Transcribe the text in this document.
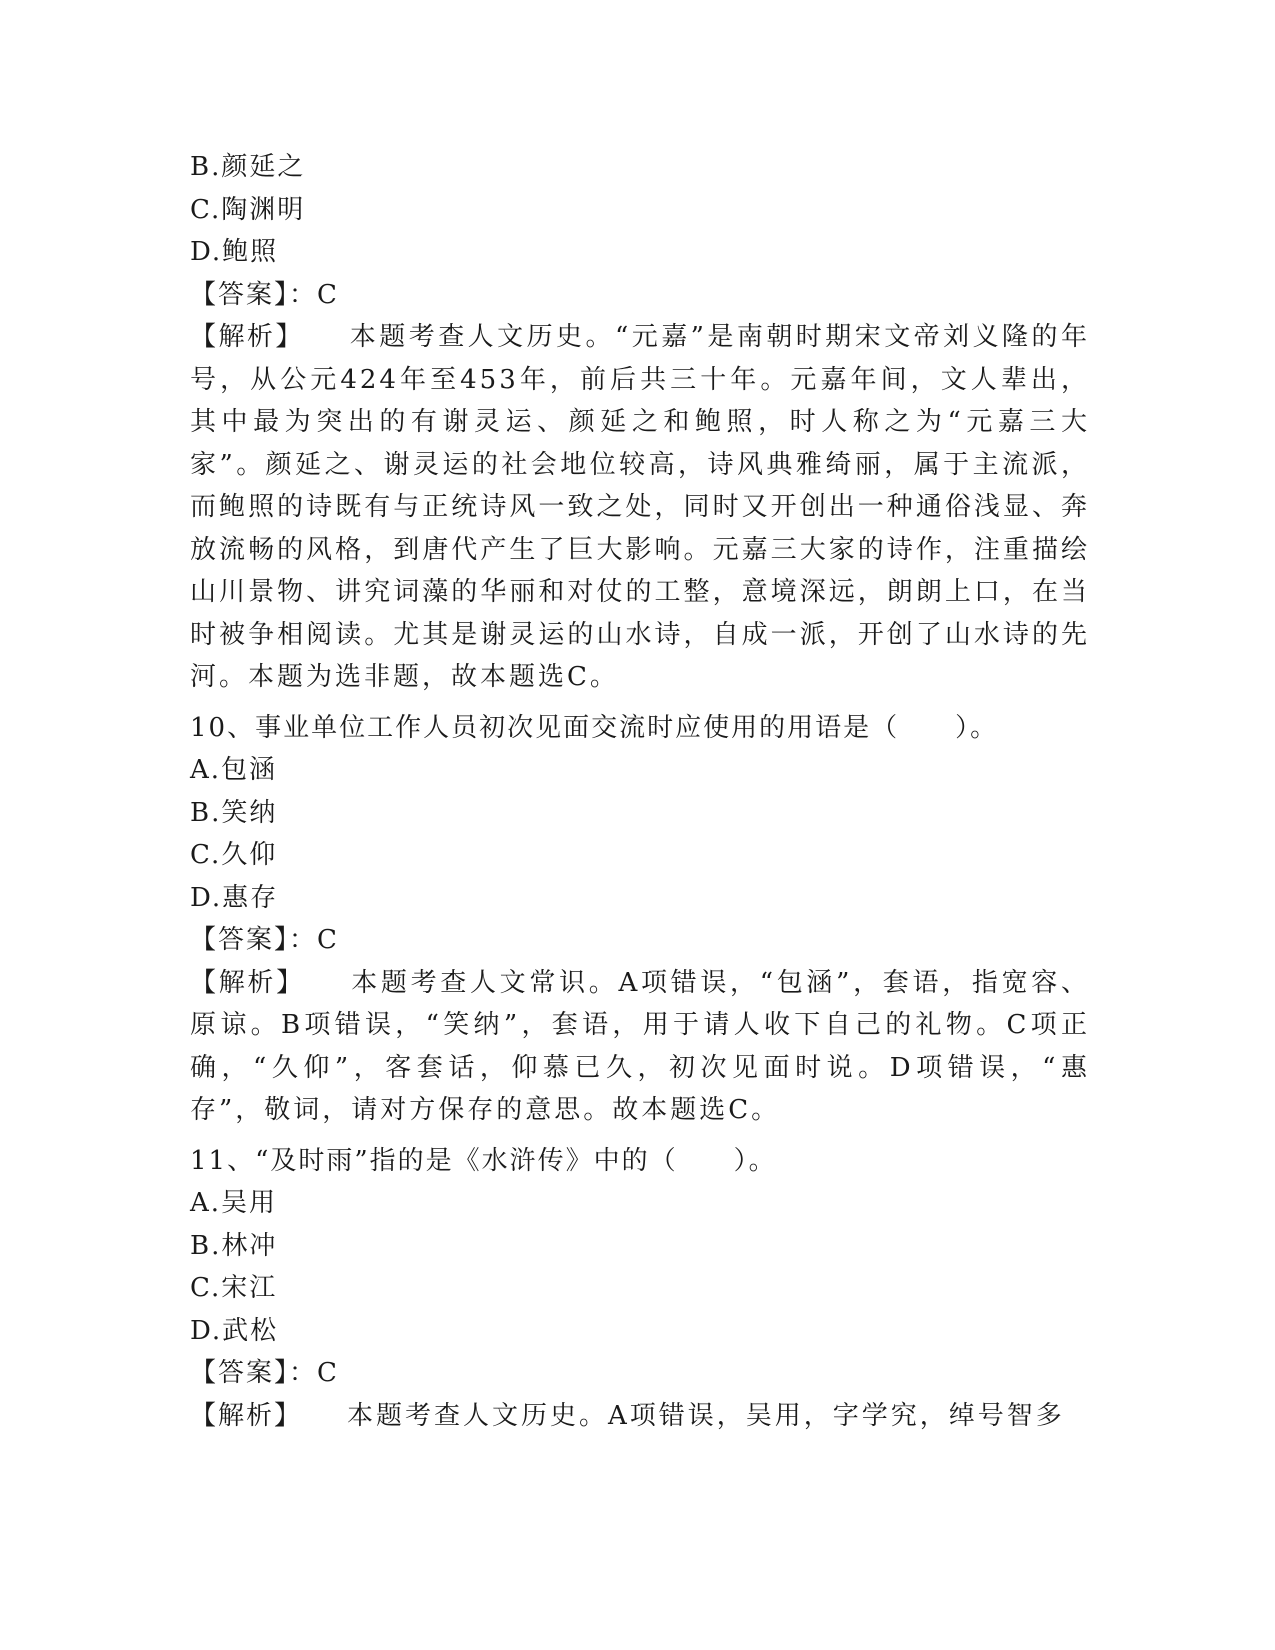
B.颜延之
C.陶渊明
D.鲍照
【答案】：C
【解析】　　 本题考查人文历史。“元嘉”是南朝时期宋文帝刘义隆的年号，从公元424年至453年，前后共三十年。元嘉年间，文人辈出，其中最为突出的有谢灵运、颜延之和鲍照，时人称之为“元嘉三大家”。颜延之、谢灵运的社会地位较高，诗风典雅绮丽，属于主流派，而鲍照的诗既有与正统诗风一致之处，同时又开创出一种通俗浅显、奔放流畅的风格，到唐代产生了巨大影响。元嘉三大家的诗作，注重描绘山川景物、讲究词藻的华丽和对仗的工整，意境深远，朗朗上口，在当时被争相阅读。尤其是谢灵运的山水诗，自成一派，开创了山水诗的先河。本题为选非题，故本题选C。
10、事业单位工作人员初次见面交流时应使用的用语是（　　）。
A.包涵
B.笑纳
C.久仰
D.惠存
【答案】：C
【解析】　　 本题考查人文常识。A项错误，“包涵”，套语，指宽容、原谅。B项错误，“笑纳”，套语，用于请人收下自己的礼物。C项正确，“久仰”，客套话，仰慕已久，初次见面时说。D项错误，“惠存”，敬词，请对方保存的意思。故本题选C。
11、“及时雨”指的是《水浒传》中的（　　）。
A.吴用
B.林冲
C.宋江
D.武松
【答案】：C
【解析】　　 本题考查人文历史。A项错误，吴用，字学究，绰号智多
